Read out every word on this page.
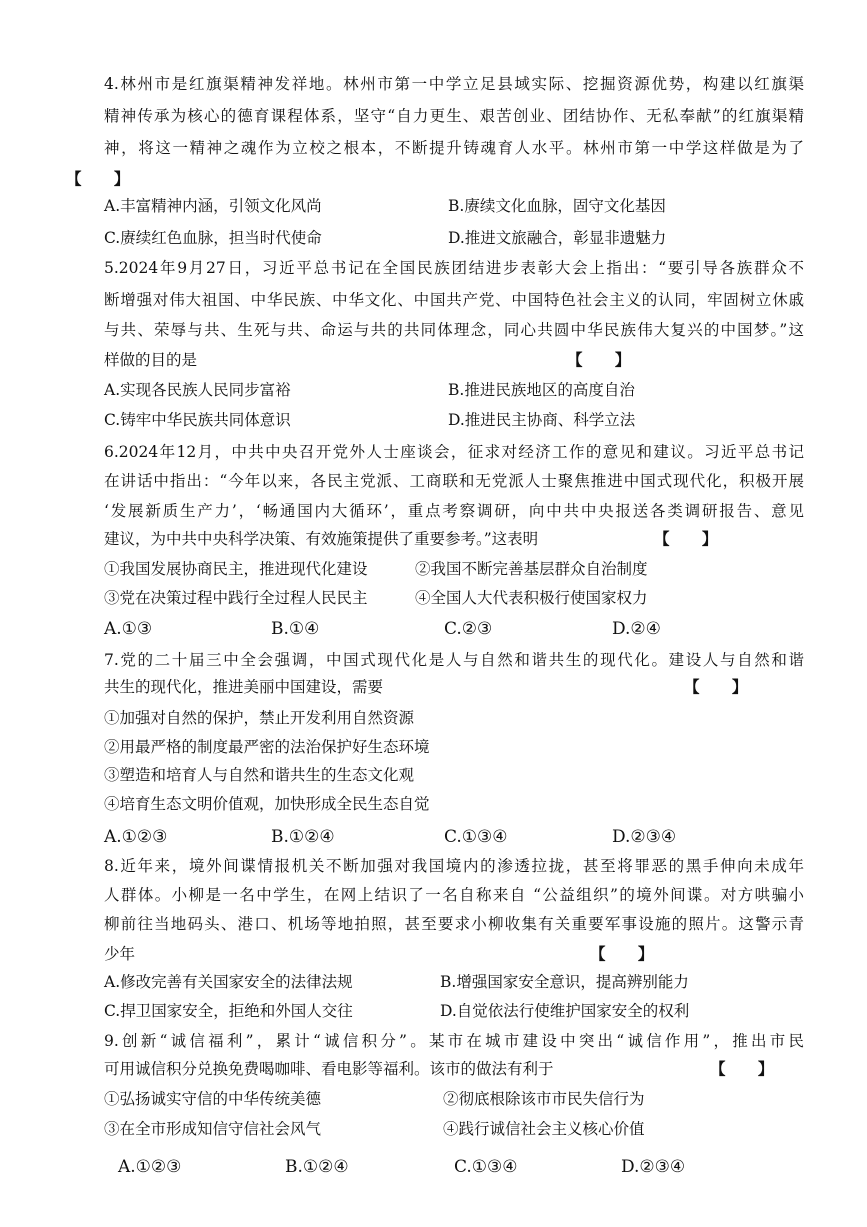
4.林州市是红旗渠精神发祥地。林州市第一中学立足县域实际、挖掘资源优势，构建以红旗渠
精神传承为核心的德育课程体系，坚守“自力更生、艰苦创业、团结协作、无私奉献”的红旗渠精
神，将这一精神之魂作为立校之根本，不断提升铸魂育人水平。林州市第一中学这样做是为了
【      】
A.丰富精神内涵，引领文化风尚	B.赓续文化血脉，固守文化基因
C.赓续红色血脉，担当时代使命	D.推进文旅融合，彰显非遗魅力
5.2024年9月27日，习近平总书记在全国民族团结进步表彰大会上指出：“要引导各族群众不
断增强对伟大祖国、中华民族、中华文化、中国共产党、中国特色社会主义的认同，牢固树立休戚
与共、荣辱与共、生死与共、命运与共的共同体理念，同心共圆中华民族伟大复兴的中国梦。”这
样做的目的是	【      】
A.实现各民族人民同步富裕	B.推进民族地区的高度自治
C.铸牢中华民族共同体意识	D.推进民主协商、科学立法
6.2024年12月，中共中央召开党外人士座谈会，征求对经济工作的意见和建议。习近平总书记
在讲话中指出：“今年以来，各民主党派、工商联和无党派人士聚焦推进中国式现代化，积极开展
‘发展新质生产力’，‘畅通国内大循环’，重点考察调研，向中共中央报送各类调研报告、意见
建议，为中共中央科学决策、有效施策提供了重要参考。”这表明	【      】
①我国发展协商民主，推进现代化建设	②我国不断完善基层群众自治制度
③党在决策过程中践行全过程人民民主	④全国人大代表积极行使国家权力
A.①③	B.①④	C.②③	D.②④
7.党的二十届三中全会强调，中国式现代化是人与自然和谐共生的现代化。建设人与自然和谐
共生的现代化，推进美丽中国建设，需要	【      】
①加强对自然的保护，禁止开发利用自然资源
②用最严格的制度最严密的法治保护好生态环境
③塑造和培育人与自然和谐共生的生态文化观
④培育生态文明价值观，加快形成全民生态自觉
A.①②③	B.①②④	C.①③④	D.②③④
8.近年来，境外间谍情报机关不断加强对我国境内的渗透拉拢，甚至将罪恶的黑手伸向未成年
人群体。小柳是一名中学生，在网上结识了一名自称来自 “公益组织”的境外间谍。对方哄骗小
柳前往当地码头、港口、机场等地拍照，甚至要求小柳收集有关重要军事设施的照片。这警示青
少年	【      】
A.修改完善有关国家安全的法律法规	B.增强国家安全意识，提高辨别能力
C.捍卫国家安全，拒绝和外国人交往	D.自觉依法行使维护国家安全的权利
9.创新“诚信福利”，累计“诚信积分”。某市在城市建设中突出“诚信作用”，推出市民
可用诚信积分兑换免费喝咖啡、看电影等福利。该市的做法有利于	【      】
①弘扬诚实守信的中华传统美德	②彻底根除该市市民失信行为
③在全市形成知信守信社会风气	④践行诚信社会主义核心价值
A.①②③	B.①②④	C.①③④	D.②③④
